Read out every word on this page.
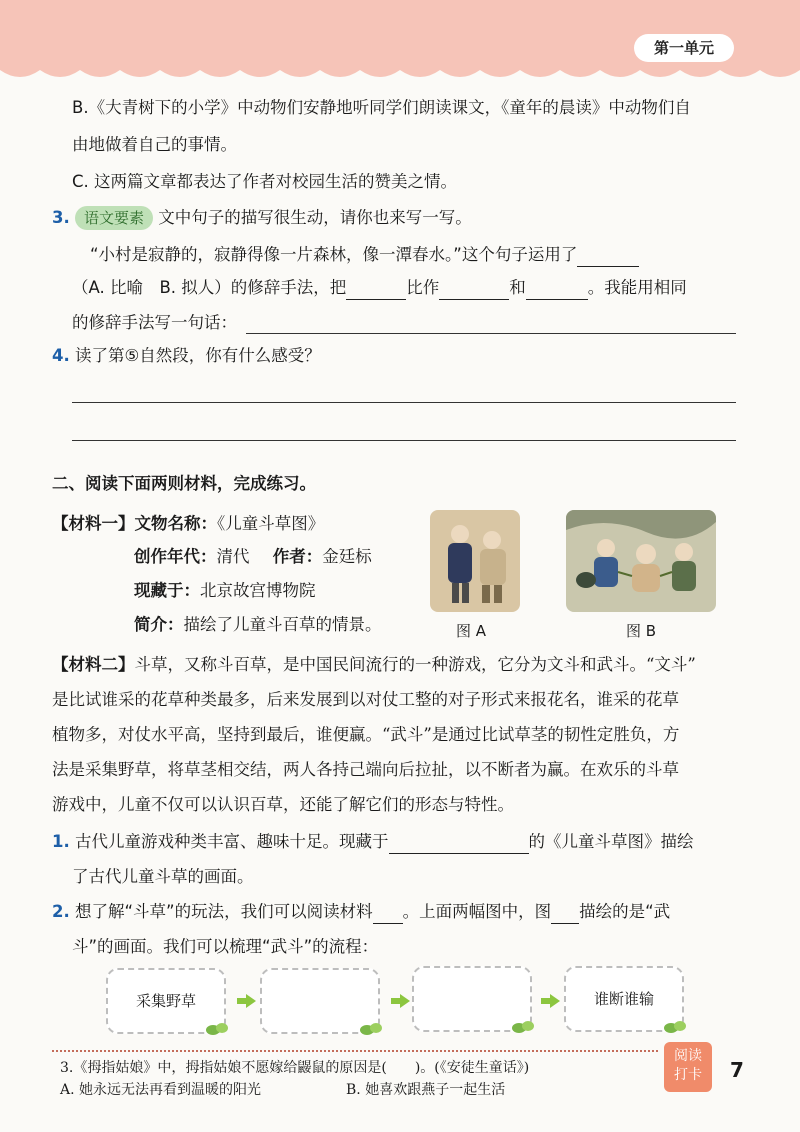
第一单元
B.《大青树下的小学》中动物们安静地听同学们朗读课文，《童年的晨读》中动物们自
由地做着自己的事情。
C. 这两篇文章都表达了作者对校园生活的赞美之情。
3. 语文要素 文中句子的描写很生动，请你也来写一写。
“小村是寂静的，寂静得像一片森林，像一潭春水。”这个句子运用了
（A. 比喻　B. 拟人）的修辞手法，把	比作	和	。我能用相同
的修辞手法写一句话：
4. 读了第⑤自然段，你有什么感受？
二、阅读下面两则材料，完成练习。
【材料一】文物名称：《儿童斗草图》
创作年代：清代 作者：金廷标
现藏于：北京故宫博物院
简介：描绘了儿童斗百草的情景。	图 A	图 B
【材料二】斗草，又称斗百草，是中国民间流行的一种游戏，它分为文斗和武斗。“文斗”
是比试谁采的花草种类最多，后来发展到以对仗工整的对子形式来报花名，谁采的花草
植物多，对仗水平高，坚持到最后，谁便赢。“武斗”是通过比试草茎的韧性定胜负，方
法是采集野草，将草茎相交结，两人各持己端向后拉扯，以不断者为赢。在欢乐的斗草
游戏中，儿童不仅可以认识百草，还能了解它们的形态与特性。
1. 古代儿童游戏种类丰富、趣味十足。现藏于	的《儿童斗草图》描绘
了古代儿童斗草的画面。
2. 想了解“斗草”的玩法，我们可以阅读材料 。上面两幅图中，图 描绘的是“武
斗”的画面。我们可以梳理“武斗”的流程：
采集野草	谁断谁输
3.《拇指姑娘》中，拇指姑娘不愿嫁给鼹鼠的原因是(　　)。(《安徒生童话》)
A. 她永远无法再看到温暖的阳光	B. 她喜欢跟燕子一起生活
阅读
打卡	7
